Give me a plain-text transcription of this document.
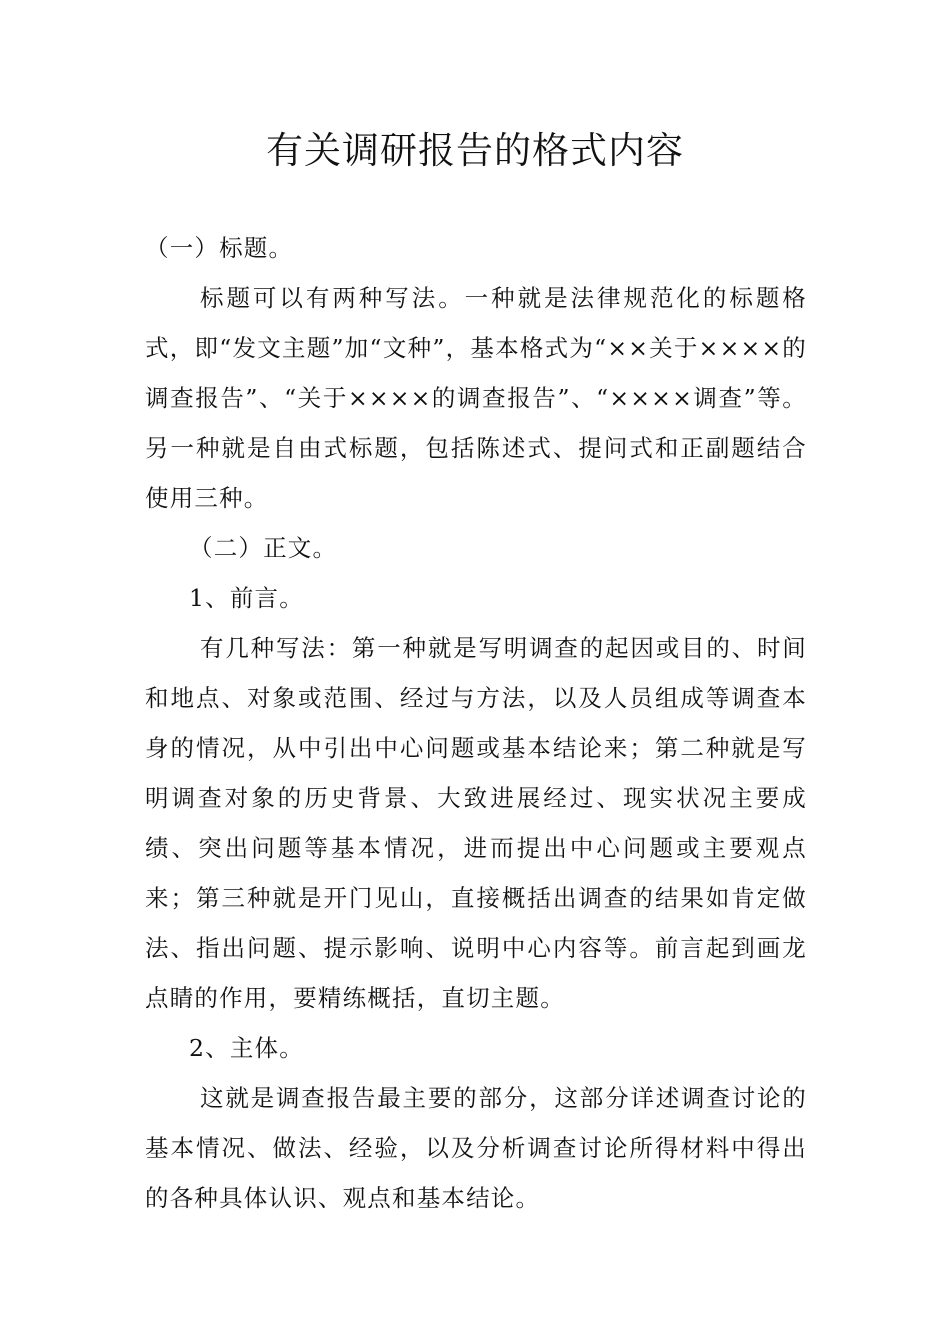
有关调研报告的格式内容

（一）标题。

标题可以有两种写法。一种就是法律规范化的标题格式，即“发文主题”加“文种”，基本格式为“××关于××××的调查报告”、“关于××××的调查报告”、“××××调查”等。另一种就是自由式标题，包括陈述式、提问式和正副题结合使用三种。

（二）正文。

1、前言。

有几种写法：第一种就是写明调查的起因或目的、时间和地点、对象或范围、经过与方法，以及人员组成等调查本身的情况，从中引出中心问题或基本结论来；第二种就是写明调查对象的历史背景、大致进展经过、现实状况主要成绩、突出问题等基本情况，进而提出中心问题或主要观点来；第三种就是开门见山，直接概括出调查的结果如肯定做法、指出问题、提示影响、说明中心内容等。前言起到画龙点睛的作用，要精练概括，直切主题。

2、主体。

这就是调查报告最主要的部分，这部分详述调查讨论的基本情况、做法、经验，以及分析调查讨论所得材料中得出的各种具体认识、观点和基本结论。
